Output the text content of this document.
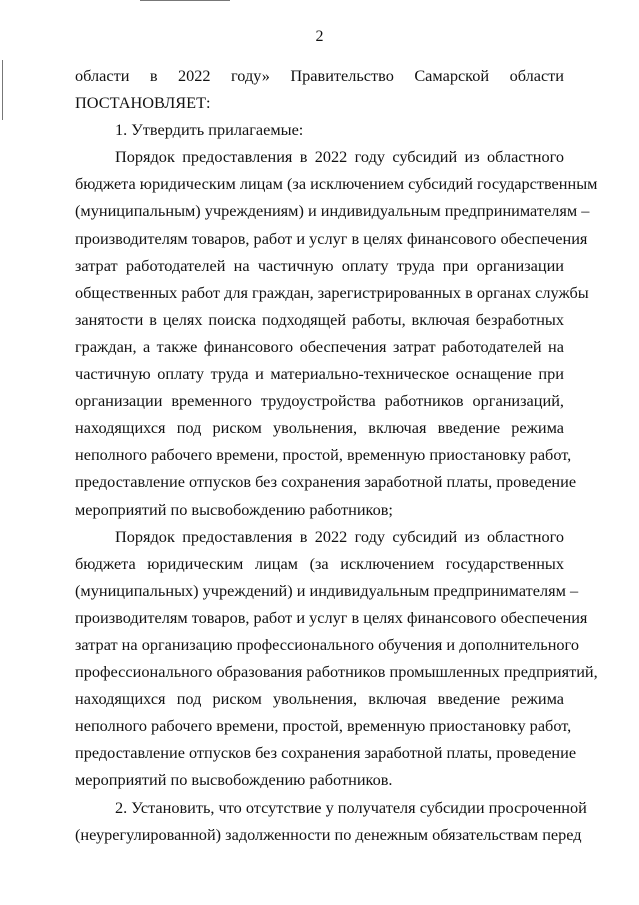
2
области в 2022 году» Правительство Самарской области
ПОСТАНОВЛЯЕТ:
1. Утвердить прилагаемые:
Порядок предоставления в 2022 году субсидий из областного
бюджета юридическим лицам (за исключением субсидий государственным
(муниципальным) учреждениям) и индивидуальным предпринимателям –
производителям товаров, работ и услуг в целях финансового обеспечения
затрат работодателей на частичную оплату труда при организации
общественных работ для граждан, зарегистрированных в органах службы
занятости в целях поиска подходящей работы, включая безработных
граждан, а также финансового обеспечения затрат работодателей на
частичную оплату труда и материально-техническое оснащение при
организации временного трудоустройства работников организаций,
находящихся под риском увольнения, включая введение режима
неполного рабочего времени, простой, временную приостановку работ,
предоставление отпусков без сохранения заработной платы, проведение
мероприятий по высвобождению работников;
Порядок предоставления в 2022 году субсидий из областного
бюджета юридическим лицам (за исключением государственных
(муниципальных) учреждений) и индивидуальным предпринимателям –
производителям товаров, работ и услуг в целях финансового обеспечения
затрат на организацию профессионального обучения и дополнительного
профессионального образования работников промышленных предприятий,
находящихся под риском увольнения, включая введение режима
неполного рабочего времени, простой, временную приостановку работ,
предоставление отпусков без сохранения заработной платы, проведение
мероприятий по высвобождению работников.
2. Установить, что отсутствие у получателя субсидии просроченной
(неурегулированной) задолженности по денежным обязательствам перед
